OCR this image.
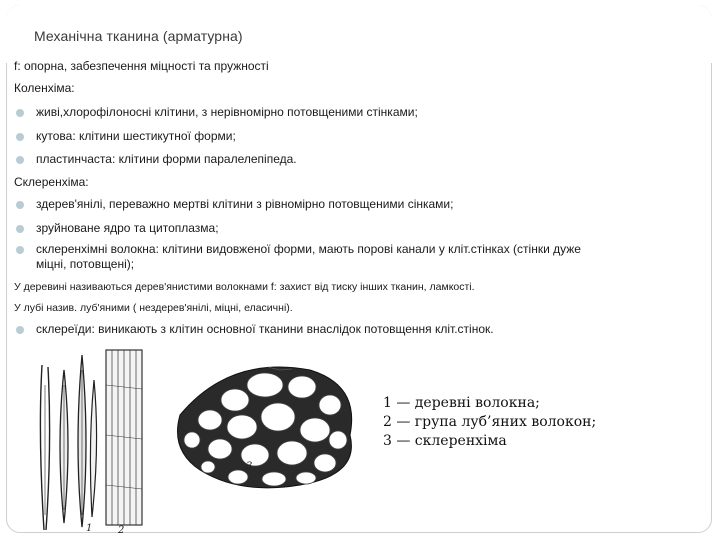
Механічна тканина (арматурна)

f: опорна, забезпечення міцності та пружності

Коленхіма:

живі,хлорофілоносні клітини, з нерівномірно потовщеними стінками;
кутова: клітини шестикутної форми;
пластинчаста: клітини форми паралелепіпеда.

Склеренхіма:

здерев'янілі, переважно мертві клітини з рівномірно потовщеними сінками;
зруйноване ядро та цитоплазма;
склеренхімні волокна: клітини видовженої форми, мають порові канали у кліт.стінках (стінки дуже
міцні, потовщені);

У деревині називаються дерев'янистими волокнами f: захист від тиску інших тканин, ламкості.

У лубі назив. луб'яними ( нездерев'янілі, міцні, еласичні).

склереїди: виникають з клітин основної тканини внаслідок потовщення кліт.стінок.
1	2
3
1 — деревні волокна;
2 — група луб’яних волокон;
3 — склеренхіма
